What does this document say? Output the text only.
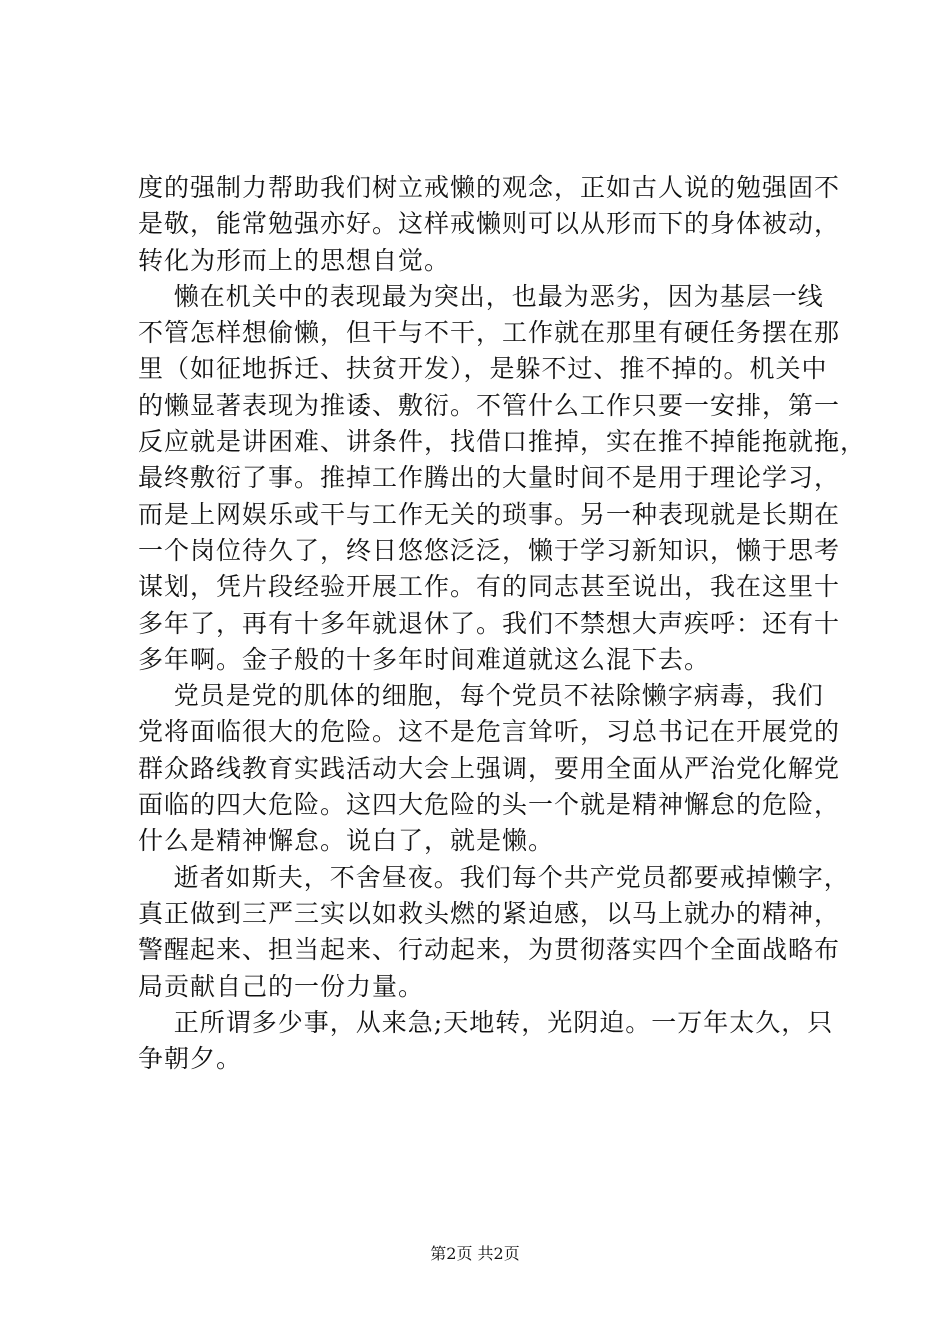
度的强制力帮助我们树立戒懒的观念，正如古人说的勉强固不
是敬，能常勉强亦好。这样戒懒则可以从形而下的身体被动，
转化为形而上的思想自觉。
懒在机关中的表现最为突出，也最为恶劣，因为基层一线
不管怎样想偷懒，但干与不干，工作就在那里有硬任务摆在那
里（如征地拆迁、扶贫开发），是躲不过、推不掉的。机关中
的懒显著表现为推诿、敷衍。不管什么工作只要一安排，第一
反应就是讲困难、讲条件，找借口推掉，实在推不掉能拖就拖，
最终敷衍了事。推掉工作腾出的大量时间不是用于理论学习，
而是上网娱乐或干与工作无关的琐事。另一种表现就是长期在
一个岗位待久了，终日悠悠泛泛，懒于学习新知识，懒于思考
谋划，凭片段经验开展工作。有的同志甚至说出，我在这里十
多年了，再有十多年就退休了。我们不禁想大声疾呼：还有十
多年啊。金子般的十多年时间难道就这么混下去。
党员是党的肌体的细胞，每个党员不祛除懒字病毒，我们
党将面临很大的危险。这不是危言耸听，习总书记在开展党的
群众路线教育实践活动大会上强调，要用全面从严治党化解党
面临的四大危险。这四大危险的头一个就是精神懈怠的危险，
什么是精神懈怠。说白了，就是懒。
逝者如斯夫，不舍昼夜。我们每个共产党员都要戒掉懒字，
真正做到三严三实以如救头燃的紧迫感，以马上就办的精神，
警醒起来、担当起来、行动起来，为贯彻落实四个全面战略布
局贡献自己的一份力量。
正所谓多少事，从来急;天地转，光阴迫。一万年太久，只
争朝夕。
第2页 共2页
